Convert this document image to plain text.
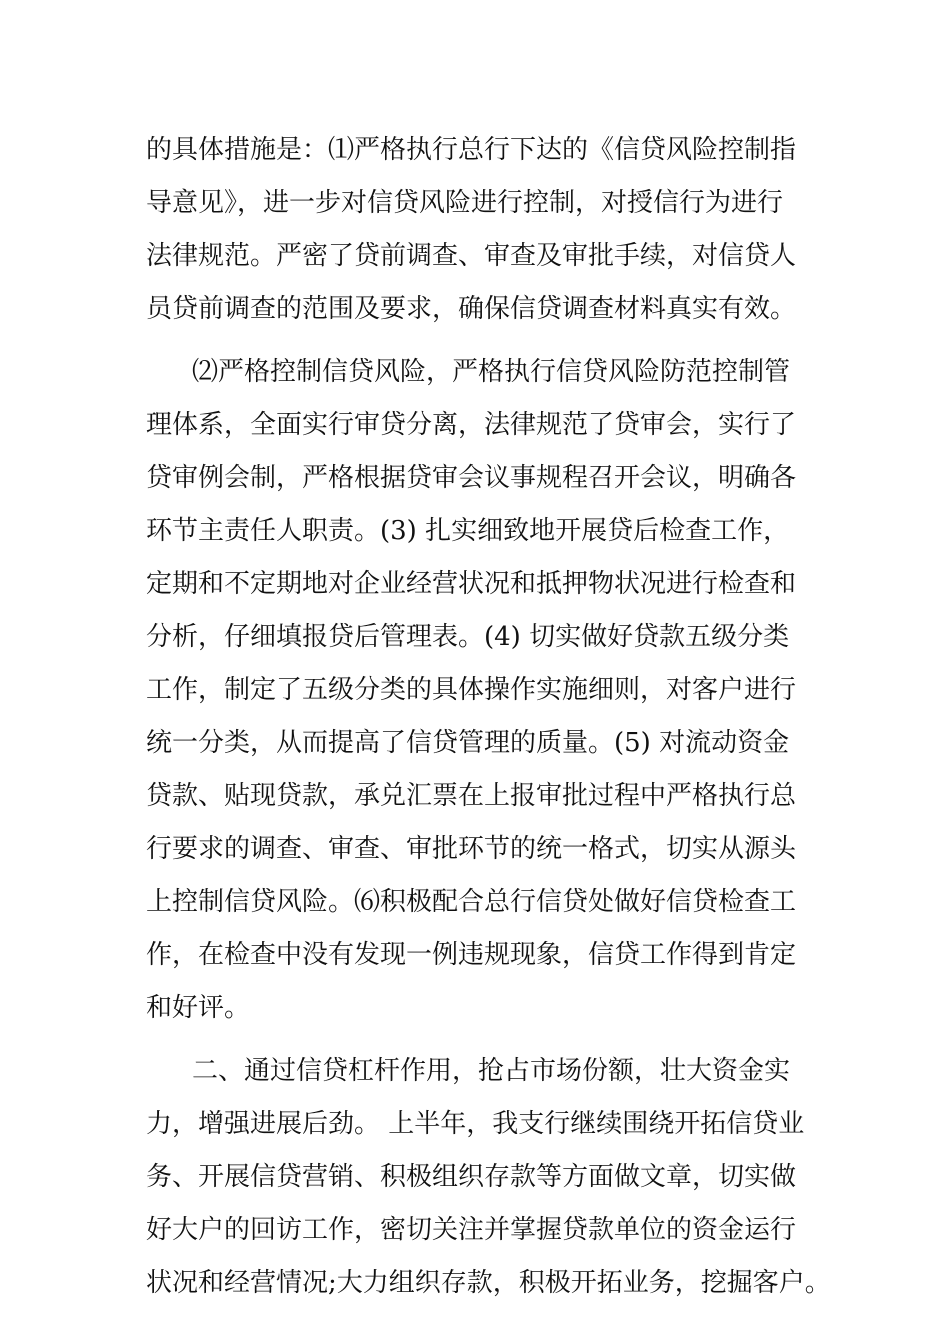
的具体措施是：⑴严格执行总行下达的《信贷风险控制指
导意见》，进一步对信贷风险进行控制，对授信行为进行
法律规范。严密了贷前调查、审查及审批手续，对信贷人
员贷前调查的范围及要求，确保信贷调查材料真实有效。
⑵严格控制信贷风险，严格执行信贷风险防范控制管
理体系，全面实行审贷分离，法律规范了贷审会，实行了
贷审例会制，严格根据贷审会议事规程召开会议，明确各
环节主责任人职责。(3) 扎实细致地开展贷后检查工作，
定期和不定期地对企业经营状况和抵押物状况进行检查和
分析，仔细填报贷后管理表。(4) 切实做好贷款五级分类
工作，制定了五级分类的具体操作实施细则，对客户进行
统一分类，从而提高了信贷管理的质量。(5) 对流动资金
贷款、贴现贷款，承兑汇票在上报审批过程中严格执行总
行要求的调查、审查、审批环节的统一格式，切实从源头
上控制信贷风险。⑹积极配合总行信贷处做好信贷检查工
作，在检查中没有发现一例违规现象，信贷工作得到肯定
和好评。
二、通过信贷杠杆作用，抢占市场份额，壮大资金实
力，增强进展后劲。 上半年，我支行继续围绕开拓信贷业
务、开展信贷营销、积极组织存款等方面做文章，切实做
好大户的回访工作，密切关注并掌握贷款单位的资金运行
状况和经营情况;大力组织存款，积极开拓业务，挖掘客户。
